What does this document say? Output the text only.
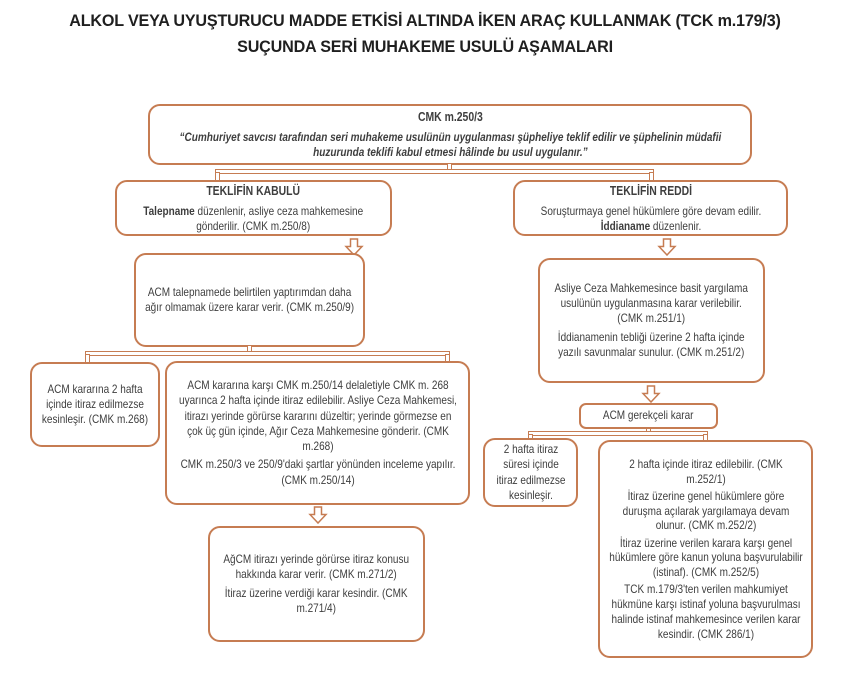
ALKOL VEYA UYUŞTURUCU MADDE ETKİSİ ALTINDA İKEN ARAÇ KULLANMAK (TCK m.179/3)
SUÇUNDA SERİ MUHAKEME USULÜ AŞAMALARI
CMK m.250/3
“Cumhuriyet savcısı tarafından seri muhakeme usulünün uygulanması şüpheliye teklif edilir ve şüphelinin müdafii huzurunda teklifi kabul etmesi hâlinde bu usul uygulanır.”
TEKLİFİN KABULÜ
Talepname düzenlenir, asliye ceza mahkemesine gönderilir. (CMK m.250/8)
TEKLİFİN REDDİ
Soruşturmaya genel hükümlere göre devam edilir.
İddianame düzenlenir.
ACM talepnamede belirtilen yaptırımdan daha ağır olmamak üzere karar verir. (CMK m.250/9)

Asliye Ceza Mahkemesince basit yargılama usulünün uygulanmasına karar verilebilir. (CMK m.251/1)

İddianamenin tebliği üzerine 2 hafta içinde yazılı savunmalar sunulur. (CMK m.251/2)

ACM kararına 2 hafta içinde itiraz edilmezse kesinleşir. (CMK m.268)

ACM kararına karşı CMK m.250/14 delaletiyle CMK m. 268 uyarınca 2 hafta içinde itiraz edilebilir. Asliye Ceza Mahkemesi, itirazı yerinde görürse kararını düzeltir; yerinde görmezse en çok üç gün içinde, Ağır Ceza Mahkemesine gönderir. (CMK m.268)

CMK m.250/3 ve 250/9'daki şartlar yönünden inceleme yapılır. (CMK m.250/14)

AğCM itirazı yerinde görürse itiraz konusu hakkında karar verir. (CMK m.271/2)

İtiraz üzerine verdiği karar kesindir. (CMK m.271/4)

ACM gerekçeli karar
2 hafta itiraz süresi içinde itiraz edilmezse kesinleşir.

2 hafta içinde itiraz edilebilir. (CMK m.252/1)

İtiraz üzerine genel hükümlere göre duruşma açılarak yargılamaya devam olunur. (CMK m.252/2)

İtiraz üzerine verilen karara karşı genel hükümlere göre kanun yoluna başvurulabilir (istinaf). (CMK m.252/5)

TCK m.179/3'ten verilen mahkumiyet hükmüne karşı istinaf yoluna başvurulması halinde istinaf mahkemesince verilen karar kesindir. (CMK 286/1)
